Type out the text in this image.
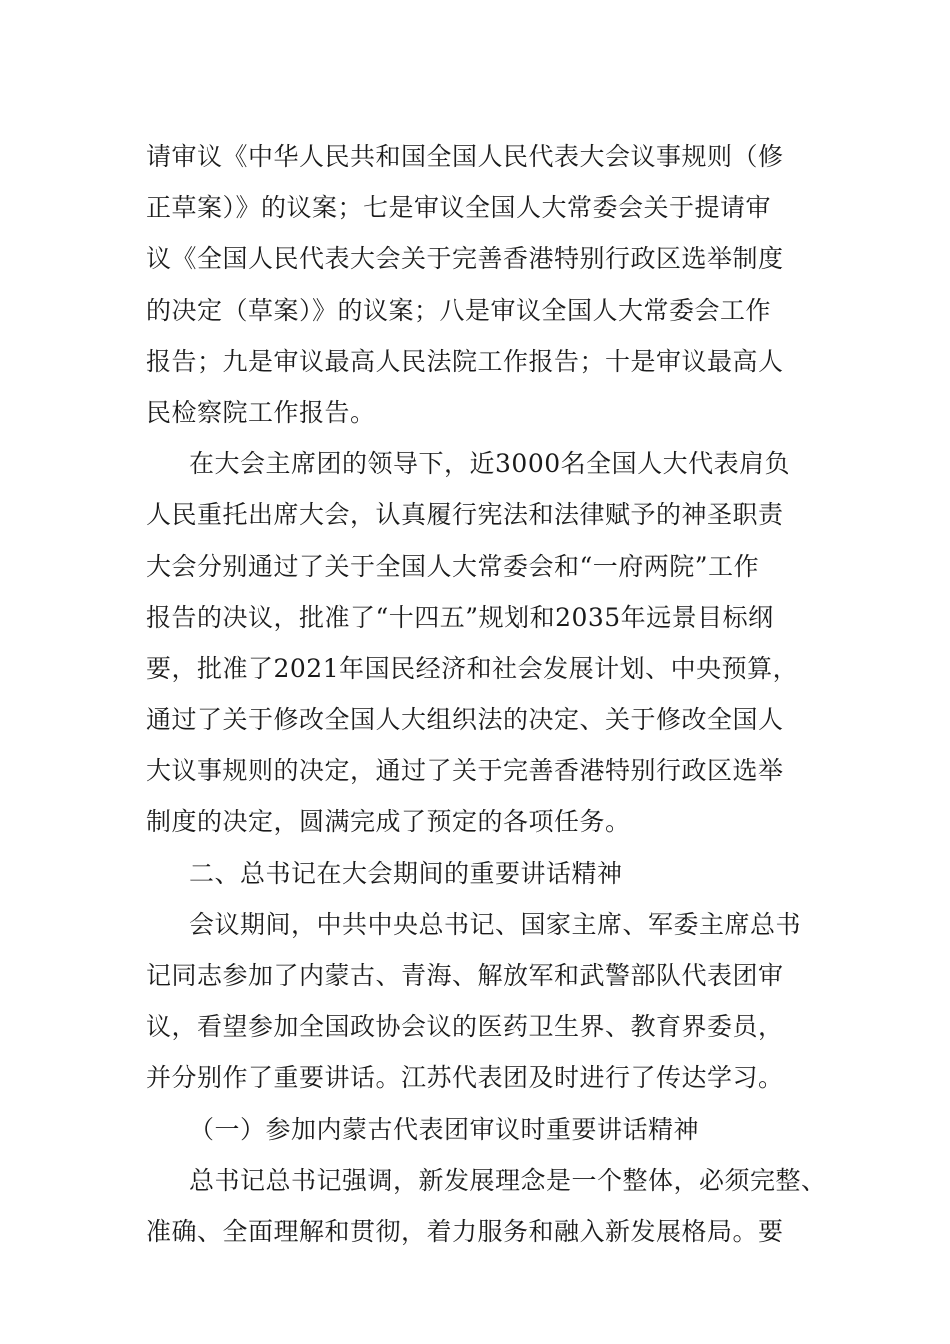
请审议《中华人民共和国全国人民代表大会议事规则（修
正草案）》的议案；七是审议全国人大常委会关于提请审
议《全国人民代表大会关于完善香港特别行政区选举制度
的决定（草案）》的议案；八是审议全国人大常委会工作
报告；九是审议最高人民法院工作报告；十是审议最高人
民检察院工作报告。
在大会主席团的领导下，近3000名全国人大代表肩负
人民重托出席大会，认真履行宪法和法律赋予的神圣职责
大会分别通过了关于全国人大常委会和“一府两院”工作
报告的决议，批准了“十四五”规划和2035年远景目标纲
要，批准了2021年国民经济和社会发展计划、中央预算，
通过了关于修改全国人大组织法的决定、关于修改全国人
大议事规则的决定，通过了关于完善香港特别行政区选举
制度的决定，圆满完成了预定的各项任务。
二、总书记在大会期间的重要讲话精神
会议期间，中共中央总书记、国家主席、军委主席总书
记同志参加了内蒙古、青海、解放军和武警部队代表团审
议，看望参加全国政协会议的医药卫生界、教育界委员，
并分别作了重要讲话。江苏代表团及时进行了传达学习。
（一）参加内蒙古代表团审议时重要讲话精神
总书记总书记强调，新发展理念是一个整体，必须完整、
准确、全面理解和贯彻，着力服务和融入新发展格局。要
